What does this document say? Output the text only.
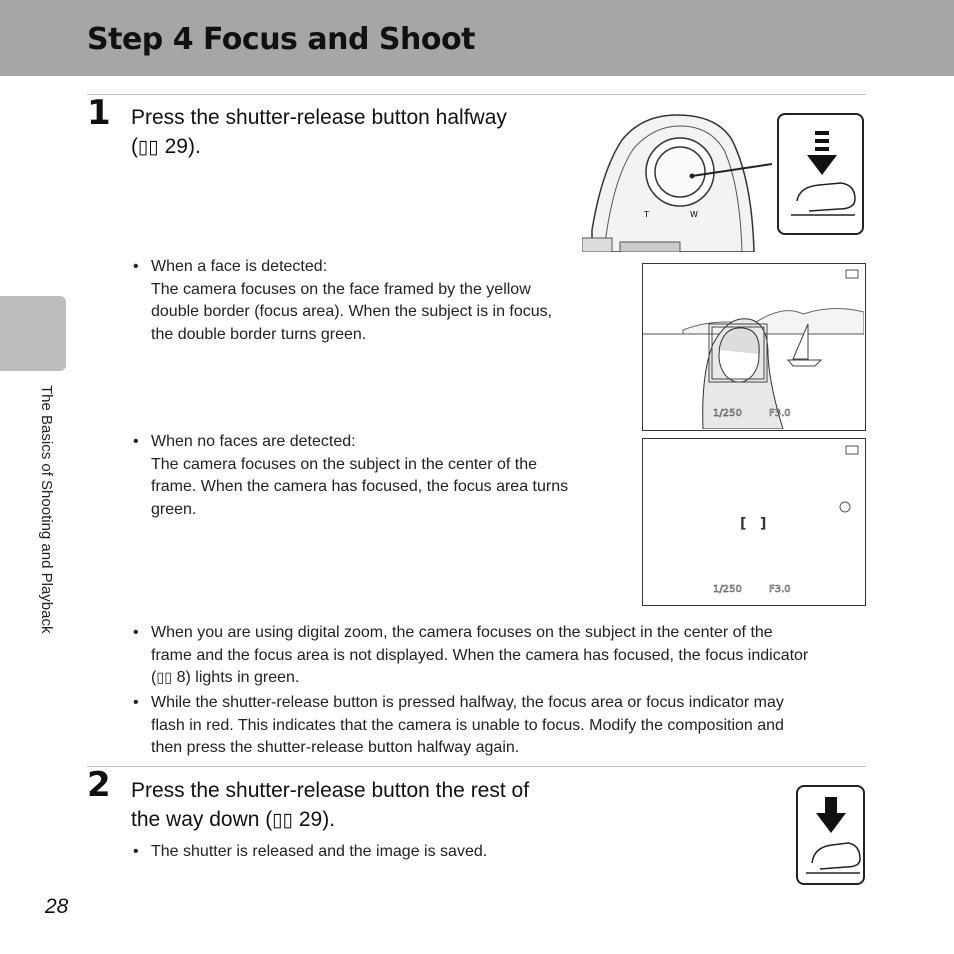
Step 4 Focus and Shoot
The Basics of Shooting and Playback
1 Press the shutter-release button halfway
(▯▯ 29).
T	W
• When a face is detected:
The camera focuses on the face framed by the yellow
double border (focus area). When the subject is in focus,
the double border turns green.
1/250	F3.0
• When no faces are detected:
The camera focuses on the subject in the center of the
frame. When the camera has focused, the focus area turns
green.
[ ]
1/250	F3.0
• When you are using digital zoom, the camera focuses on the subject in the center of the
frame and the focus area is not displayed. When the camera has focused, the focus indicator
(▯▯ 8) lights in green.
• While the shutter-release button is pressed halfway, the focus area or focus indicator may
flash in red. This indicates that the camera is unable to focus. Modify the composition and
then press the shutter-release button halfway again.
2 Press the shutter-release button the rest of
the way down (▯▯ 29).
• The shutter is released and the image is saved.
28
